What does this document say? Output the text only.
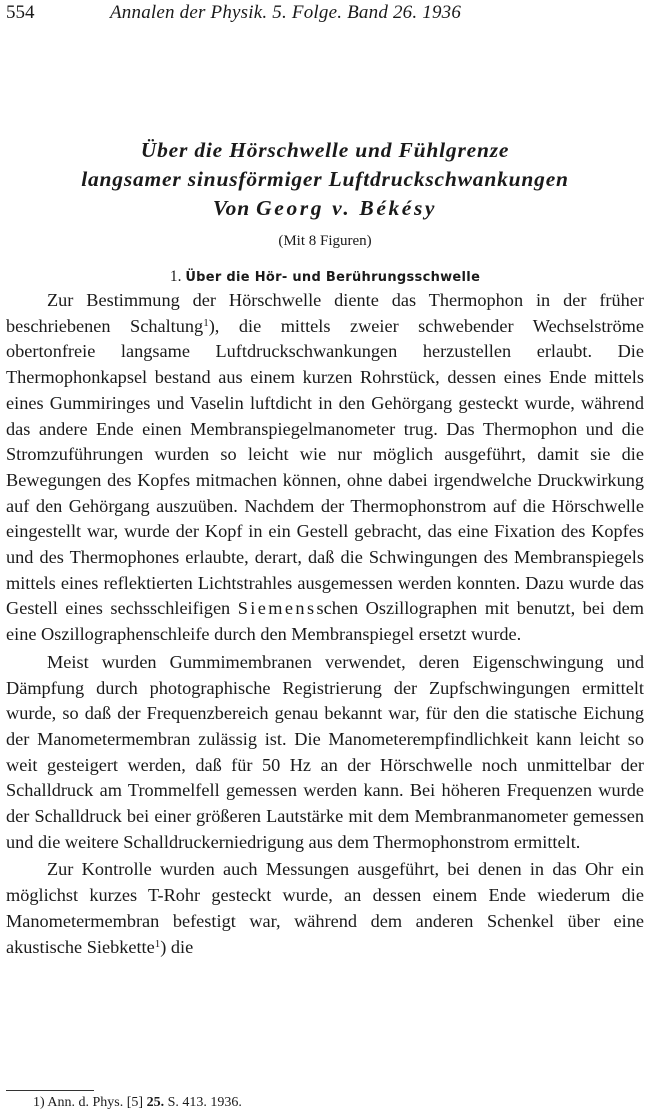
554	Annalen der Physik. 5. Folge. Band 26. 1936
Über die Hörschwelle und Fühlgrenze
langsamer sinusförmiger Luftdruckschwankungen
Von Georg v. Békésy
(Mit 8 Figuren)
1. Über die Hör- und Berührungsschwelle

Zur Bestimmung der Hörschwelle diente das Thermophon in der früher beschriebenen Schaltung$^1$), die mittels zweier schwebender Wechselströme obertonfreie langsame Luftdruckschwankungen herzustellen erlaubt. Die Thermophonkapsel bestand aus einem kurzen Rohrstück, dessen eines Ende mittels eines Gummiringes und Vaselin luftdicht in den Gehörgang gesteckt wurde, während das andere Ende einen Membranspiegelmanometer trug. Das Thermophon und die Stromzuführungen wurden so leicht wie nur möglich ausgeführt, damit sie die Bewegungen des Kopfes mitmachen können, ohne dabei irgendwelche Druckwirkung auf den Gehörgang auszuüben. Nachdem der Thermophonstrom auf die Hörschwelle eingestellt war, wurde der Kopf in ein Gestell gebracht, das eine Fixation des Kopfes und des Thermophones erlaubte, derart, daß die Schwingungen des Membranspiegels mittels eines reflektierten Lichtstrahles ausgemessen werden konnten. Dazu wurde das Gestell eines sechsschleifigen Siemensschen Oszillographen mit benutzt, bei dem eine Oszillographenschleife durch den Membranspiegel ersetzt wurde.

Meist wurden Gummimembranen verwendet, deren Eigenschwingung und Dämpfung durch photographische Registrierung der Zupfschwingungen ermittelt wurde, so daß der Frequenzbereich genau bekannt war, für den die statische Eichung der Manometermembran zulässig ist. Die Manometerempfindlichkeit kann leicht so weit gesteigert werden, daß für 50 Hz an der Hörschwelle noch unmittelbar der Schalldruck am Trommelfell gemessen werden kann. Bei höheren Frequenzen wurde der Schalldruck bei einer größeren Lautstärke mit dem Membranmanometer gemessen und die weitere Schalldruckerniedrigung aus dem Thermophonstrom ermittelt.

Zur Kontrolle wurden auch Messungen ausgeführt, bei denen in das Ohr ein möglichst kurzes T-Rohr gesteckt wurde, an dessen einem Ende wiederum die Manometermembran befestigt war, während dem anderen Schenkel über eine akustische Siebkette$^1$) die

1) Ann. d. Phys. [5] 25. S. 413. 1936.
